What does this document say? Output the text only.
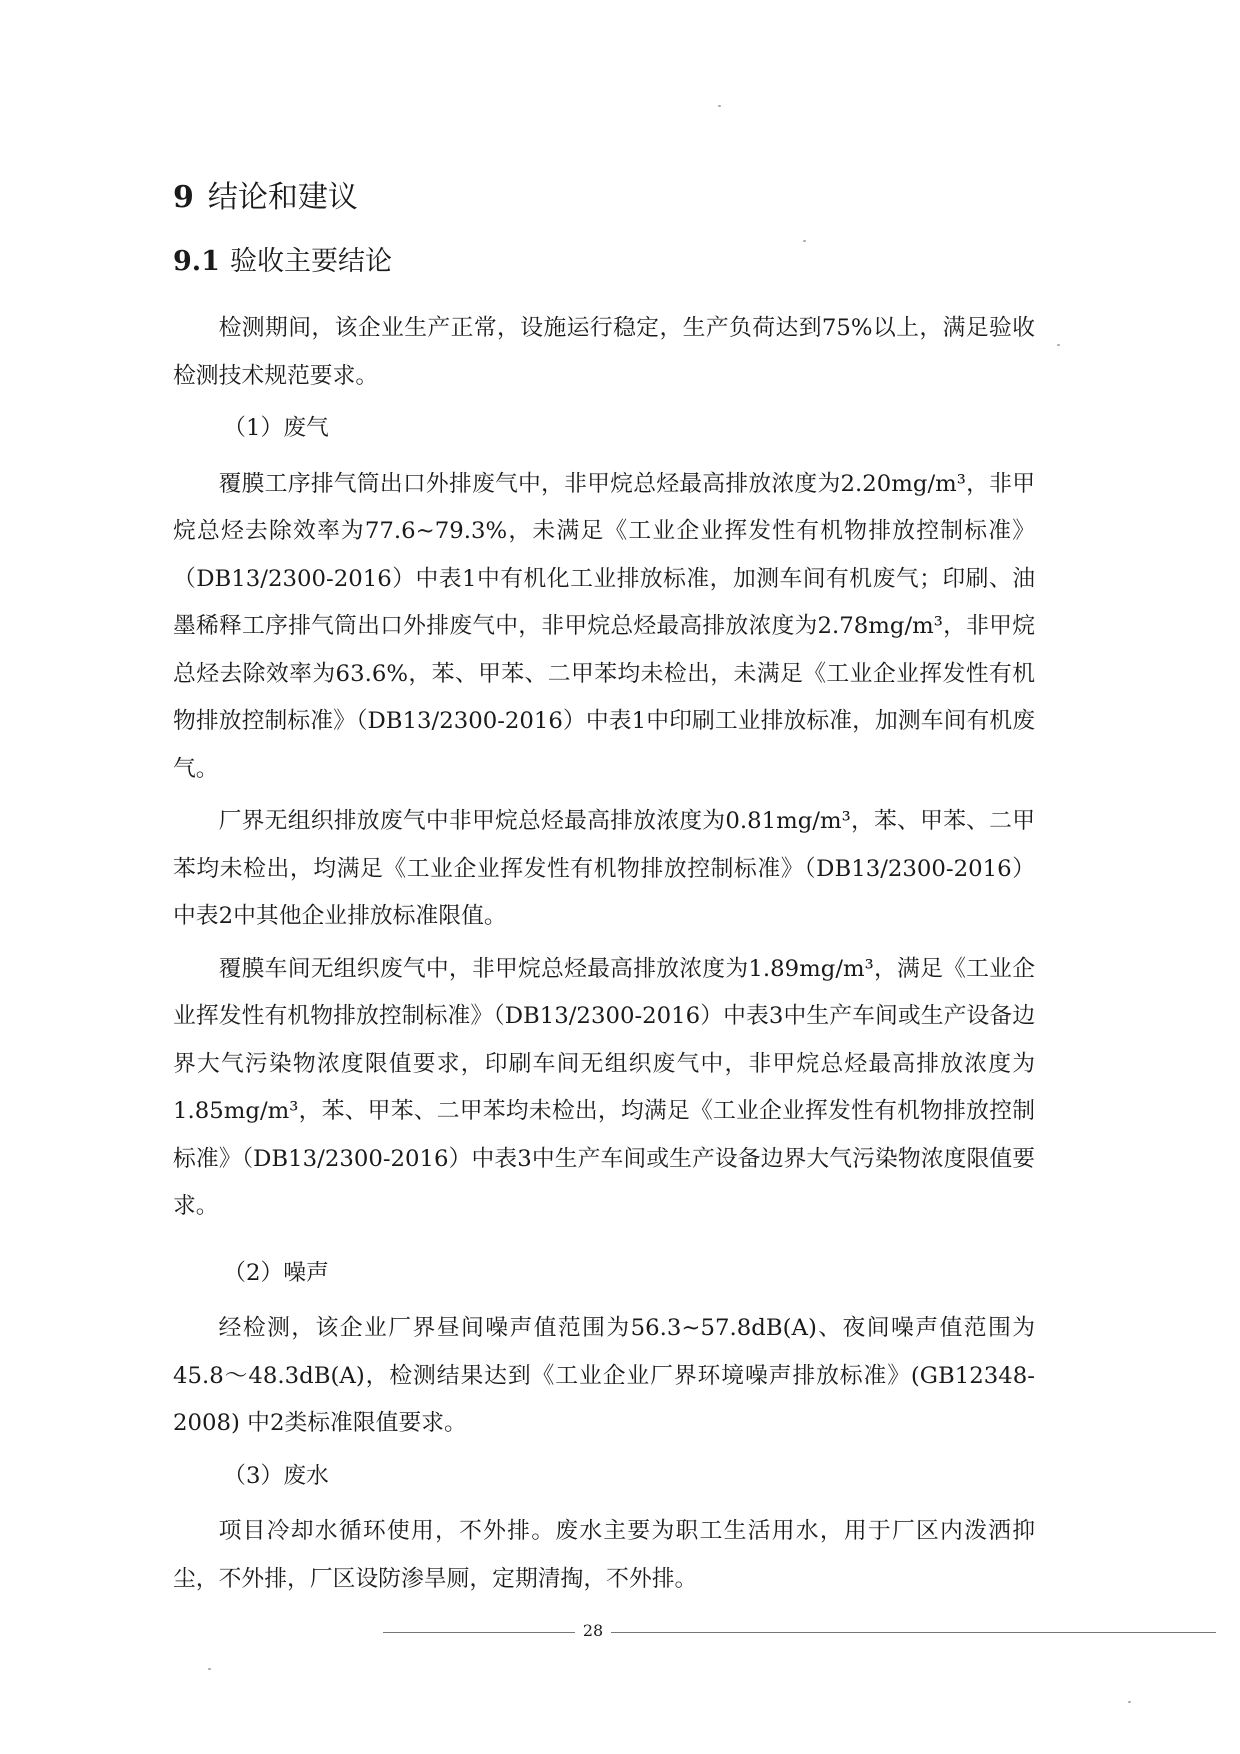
9 结论和建议
9.1 验收主要结论

检测期间，该企业生产正常，设施运行稳定，生产负荷达到75%以上，满足验收检测技术规范要求。

（1）废气

覆膜工序排气筒出口外排废气中，非甲烷总烃最高排放浓度为2.20mg/m³，非甲烷总烃去除效率为77.6~79.3%，未满足《工业企业挥发性有机物排放控制标准》（DB13/2300-2016）中表1中有机化工业排放标准，加测车间有机废气；印刷、油墨稀释工序排气筒出口外排废气中，非甲烷总烃最高排放浓度为2.78mg/m³，非甲烷总烃去除效率为63.6%，苯、甲苯、二甲苯均未检出，未满足《工业企业挥发性有机物排放控制标准》（DB13/2300-2016）中表1中印刷工业排放标准，加测车间有机废气。

厂界无组织排放废气中非甲烷总烃最高排放浓度为0.81mg/m³，苯、甲苯、二甲苯均未检出，均满足《工业企业挥发性有机物排放控制标准》（DB13/2300-2016）中表2中其他企业排放标准限值。

覆膜车间无组织废气中，非甲烷总烃最高排放浓度为1.89mg/m³，满足《工业企业挥发性有机物排放控制标准》（DB13/2300-2016）中表3中生产车间或生产设备边界大气污染物浓度限值要求，印刷车间无组织废气中，非甲烷总烃最高排放浓度为1.85mg/m³，苯、甲苯、二甲苯均未检出，均满足《工业企业挥发性有机物排放控制标准》（DB13/2300-2016）中表3中生产车间或生产设备边界大气污染物浓度限值要求。

（2）噪声

经检测，该企业厂界昼间噪声值范围为56.3~57.8dB(A)、夜间噪声值范围为45.8～48.3dB(A)，检测结果达到《工业企业厂界环境噪声排放标准》(GB12348-2008) 中2类标准限值要求。

（3）废水

项目冷却水循环使用，不外排。废水主要为职工生活用水，用于厂区内泼洒抑尘，不外排，厂区设防渗旱厕，定期清掏，不外排。

28
